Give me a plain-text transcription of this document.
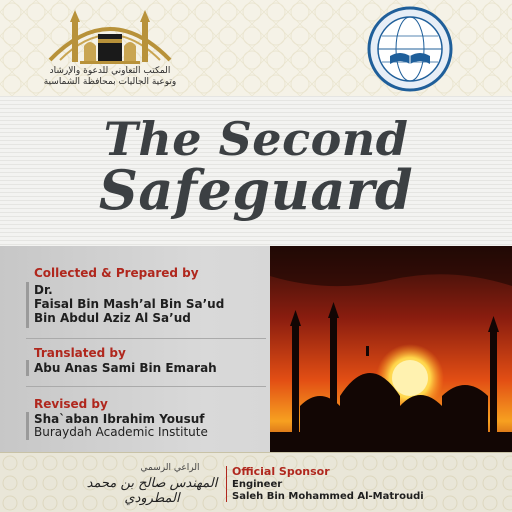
المكتب التعاوني للدعوة والإرشاد
وتوعية الجاليات بمحافظة الشماسية
The Second
Safeguard
Collected & Prepared by
Dr.
Faisal Bin Mash’al Bin Sa’ud
Bin Abdul Aziz Al Sa’ud
Translated by
Abu Anas Sami Bin Emarah
Revised by
Sha`aban Ibrahim Yousuf
Buraydah Academic Institute
الراعي الرسمي
المهندس صالح بن محمد المطرودي
Official Sponsor
Engineer
Saleh Bin Mohammed Al-Matroudi
